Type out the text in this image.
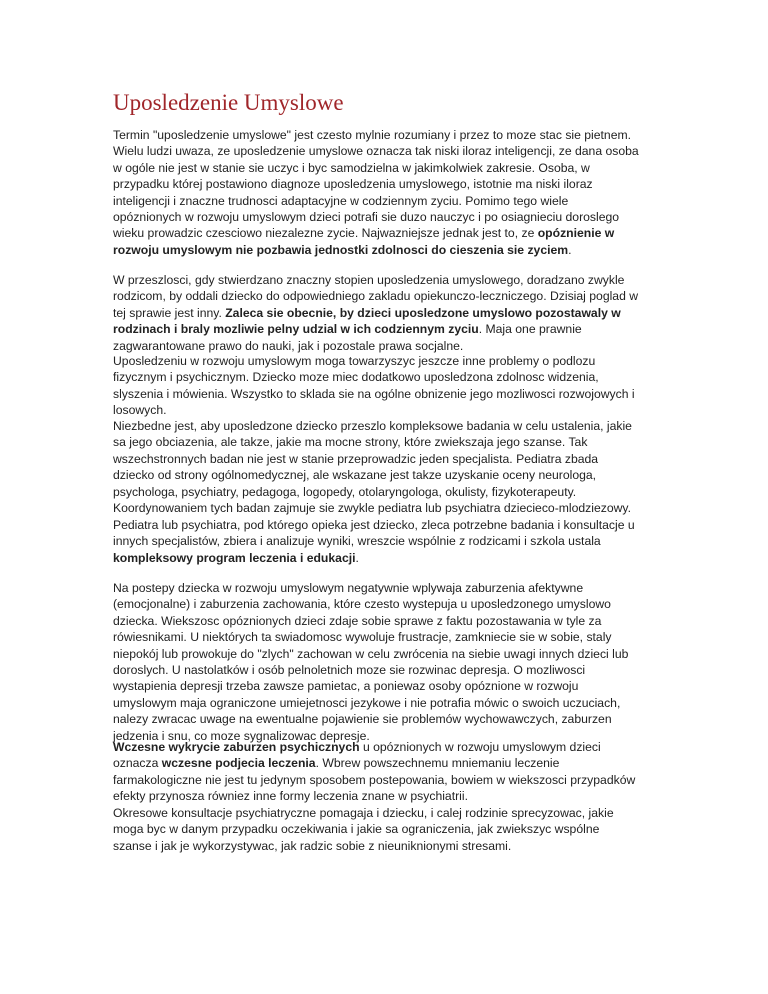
Uposledzenie Umyslowe

Termin "uposledzenie umyslowe" jest czesto mylnie rozumiany i przez to moze stac sie pietnem.
Wielu ludzi uwaza, ze uposledzenie umyslowe oznacza tak niski iloraz inteligencji, ze dana osoba
w ogóle nie jest w stanie sie uczyc i byc samodzielna w jakimkolwiek zakresie. Osoba, w
przypadku której postawiono diagnoze uposledzenia umyslowego, istotnie ma niski iloraz
inteligencji i znaczne trudnosci adaptacyjne w codziennym zyciu. Pomimo tego wiele
opóznionych w rozwoju umyslowym dzieci potrafi sie duzo nauczyc i po osiagnieciu doroslego
wieku prowadzic czesciowo niezalezne zycie. Najwazniejsze jednak jest to, ze opóznienie w
rozwoju umyslowym nie pozbawia jednostki zdolnosci do cieszenia sie zyciem.

W przeszlosci, gdy stwierdzano znaczny stopien uposledzenia umyslowego, doradzano zwykle
rodzicom, by oddali dziecko do odpowiedniego zakladu opiekunczo-leczniczego. Dzisiaj poglad w
tej sprawie jest inny. Zaleca sie obecnie, by dzieci uposledzone umyslowo pozostawaly w
rodzinach i braly mozliwie pelny udzial w ich codziennym zyciu. Maja one prawnie
zagwarantowane prawo do nauki, jak i pozostale prawa socjalne.

Uposledzeniu w rozwoju umyslowym moga towarzyszyc jeszcze inne problemy o podlozu
fizycznym i psychicznym. Dziecko moze miec dodatkowo uposledzona zdolnosc widzenia,
slyszenia i mówienia. Wszystko to sklada sie na ogólne obnizenie jego mozliwosci rozwojowych i
losowych.

Niezbedne jest, aby uposledzone dziecko przeszlo kompleksowe badania w celu ustalenia, jakie
sa jego obciazenia, ale takze, jakie ma mocne strony, które zwiekszaja jego szanse. Tak
wszechstronnych badan nie jest w stanie przeprowadzic jeden specjalista. Pediatra zbada
dziecko od strony ogólnomedycznej, ale wskazane jest takze uzyskanie oceny neurologa,
psychologa, psychiatry, pedagoga, logopedy, otolaryngologa, okulisty, fizykoterapeuty.
Koordynowaniem tych badan zajmuje sie zwykle pediatra lub psychiatra dziecieco-mlodziezowy.

Pediatra lub psychiatra, pod którego opieka jest dziecko, zleca potrzebne badania i konsultacje u
innych specjalistów, zbiera i analizuje wyniki, wreszcie wspólnie z rodzicami i szkola ustala
kompleksowy program leczenia i edukacji.

Na postepy dziecka w rozwoju umyslowym negatywnie wplywaja zaburzenia afektywne
(emocjonalne) i zaburzenia zachowania, które czesto wystepuja u uposledzonego umyslowo
dziecka. Wiekszosc opóznionych dzieci zdaje sobie sprawe z faktu pozostawania w tyle za
rówiesnikami. U niektórych ta swiadomosc wywoluje frustracje, zamkniecie sie w sobie, staly
niepokój lub prowokuje do "zlych" zachowan w celu zwrócenia na siebie uwagi innych dzieci lub
doroslych. U nastolatków i osób pelnoletnich moze sie rozwinac depresja. O mozliwosci
wystapienia depresji trzeba zawsze pamietac, a poniewaz osoby opóznione w rozwoju
umyslowym maja ograniczone umiejetnosci jezykowe i nie potrafia mówic o swoich uczuciach,
nalezy zwracac uwage na ewentualne pojawienie sie problemów wychowawczych, zaburzen
jedzenia i snu, co moze sygnalizowac depresje.

Wczesne wykrycie zaburzen psychicznych u opóznionych w rozwoju umyslowym dzieci
oznacza wczesne podjecia leczenia. Wbrew powszechnemu mniemaniu leczenie
farmakologiczne nie jest tu jedynym sposobem postepowania, bowiem w wiekszosci przypadków
efekty przynosza równiez inne formy leczenia znane w psychiatrii.

Okresowe konsultacje psychiatryczne pomagaja i dziecku, i calej rodzinie sprecyzowac, jakie
moga byc w danym przypadku oczekiwania i jakie sa ograniczenia, jak zwiekszyc wspólne
szanse i jak je wykorzystywac, jak radzic sobie z nieuniknionymi stresami.
